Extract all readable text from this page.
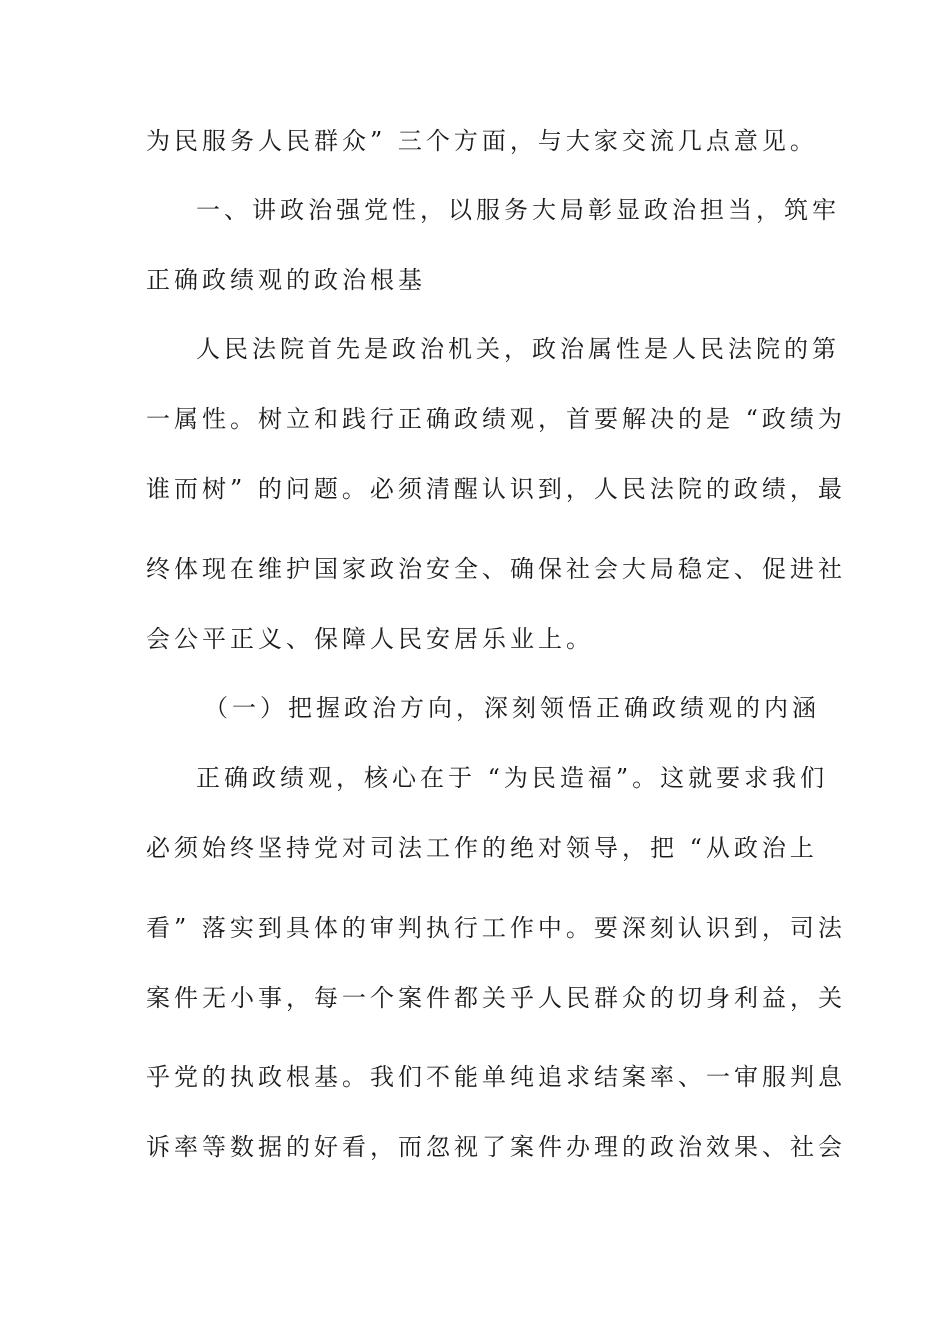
为民服务人民群众” 三个方面，与大家交流几点意见。
一、讲政治强党性，以服务大局彰显政治担当，筑牢
正确政绩观的政治根基
人民法院首先是政治机关，政治属性是人民法院的第
一属性。树立和践行正确政绩观，首要解决的是 “政绩为
谁而树” 的问题。必须清醒认识到，人民法院的政绩，最
终体现在维护国家政治安全、确保社会大局稳定、促进社
会公平正义、保障人民安居乐业上。
（一）把握政治方向，深刻领悟正确政绩观的内涵
正确政绩观，核心在于 “为民造福”。这就要求我们
必须始终坚持党对司法工作的绝对领导，把 “从政治上
看” 落实到具体的审判执行工作中。要深刻认识到，司法
案件无小事，每一个案件都关乎人民群众的切身利益，关
乎党的执政根基。我们不能单纯追求结案率、一审服判息
诉率等数据的好看，而忽视了案件办理的政治效果、社会
